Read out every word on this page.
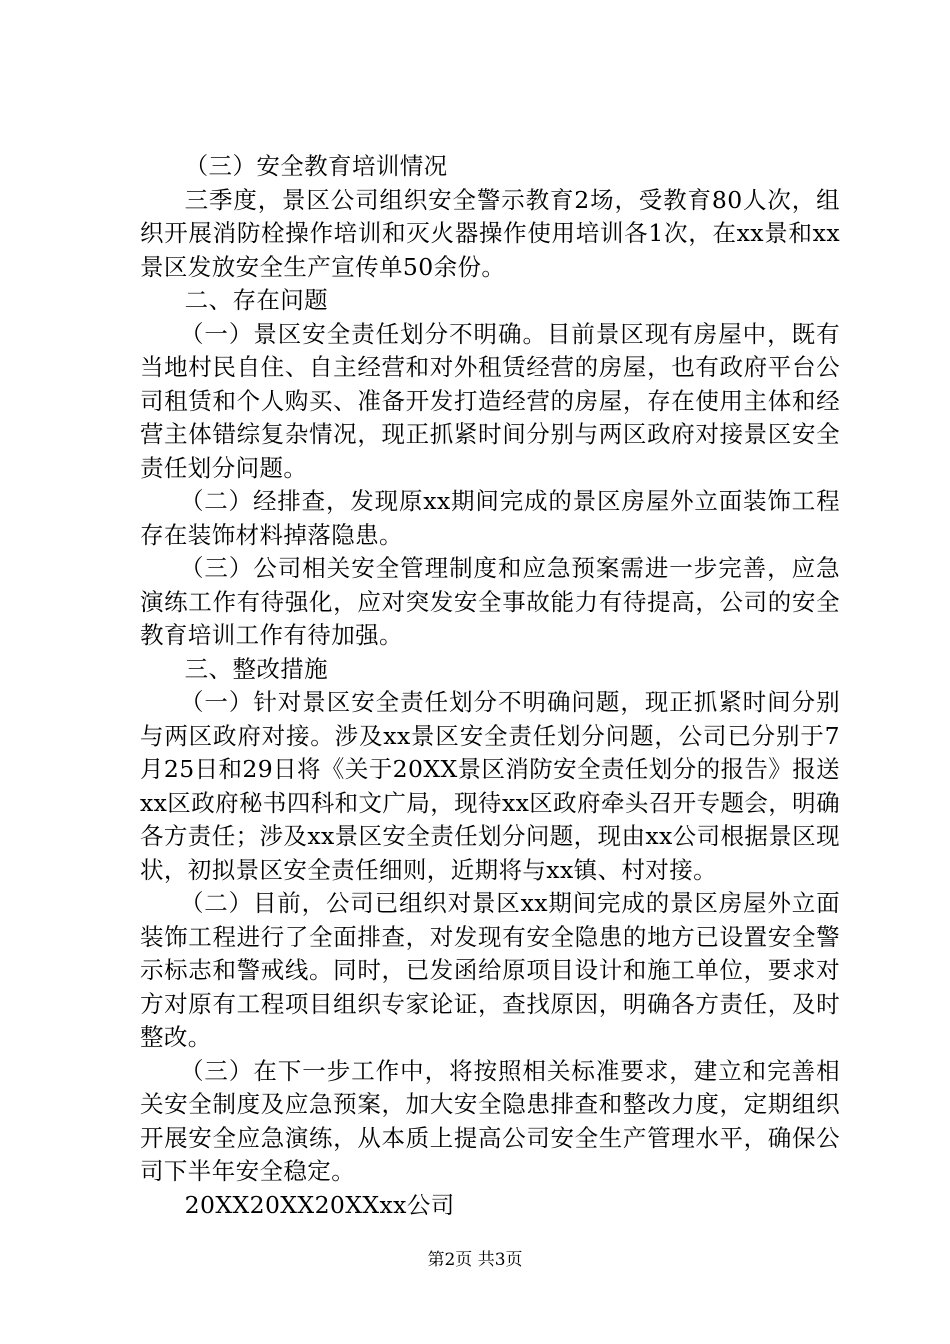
（三）安全教育培训情况

三季度，景区公司组织安全警示教育2场，受教育80人次，组织开展消防栓操作培训和灭火器操作使用培训各1次，在xx景和xx景区发放安全生产宣传单50余份。

二、存在问题

（一）景区安全责任划分不明确。目前景区现有房屋中，既有当地村民自住、自主经营和对外租赁经营的房屋，也有政府平台公司租赁和个人购买、准备开发打造经营的房屋，存在使用主体和经营主体错综复杂情况，现正抓紧时间分别与两区政府对接景区安全责任划分问题。

（二）经排查，发现原xx期间完成的景区房屋外立面装饰工程存在装饰材料掉落隐患。

（三）公司相关安全管理制度和应急预案需进一步完善，应急演练工作有待强化，应对突发安全事故能力有待提高，公司的安全教育培训工作有待加强。

三、整改措施

（一）针对景区安全责任划分不明确问题，现正抓紧时间分别与两区政府对接。涉及xx景区安全责任划分问题，公司已分别于7月25日和29日将《关于20XX景区消防安全责任划分的报告》报送xx区政府秘书四科和文广局，现待xx区政府牵头召开专题会，明确各方责任；涉及xx景区安全责任划分问题，现由xx公司根据景区现状，初拟景区安全责任细则，近期将与xx镇、村对接。

（二）目前，公司已组织对景区xx期间完成的景区房屋外立面装饰工程进行了全面排查，对发现有安全隐患的地方已设置安全警示标志和警戒线。同时，已发函给原项目设计和施工单位，要求对方对原有工程项目组织专家论证，查找原因，明确各方责任，及时整改。

（三）在下一步工作中，将按照相关标准要求，建立和完善相关安全制度及应急预案，加大安全隐患排查和整改力度，定期组织开展安全应急演练，从本质上提高公司安全生产管理水平，确保公司下半年安全稳定。

20XX20XX20XXxx公司

第2页 共3页
